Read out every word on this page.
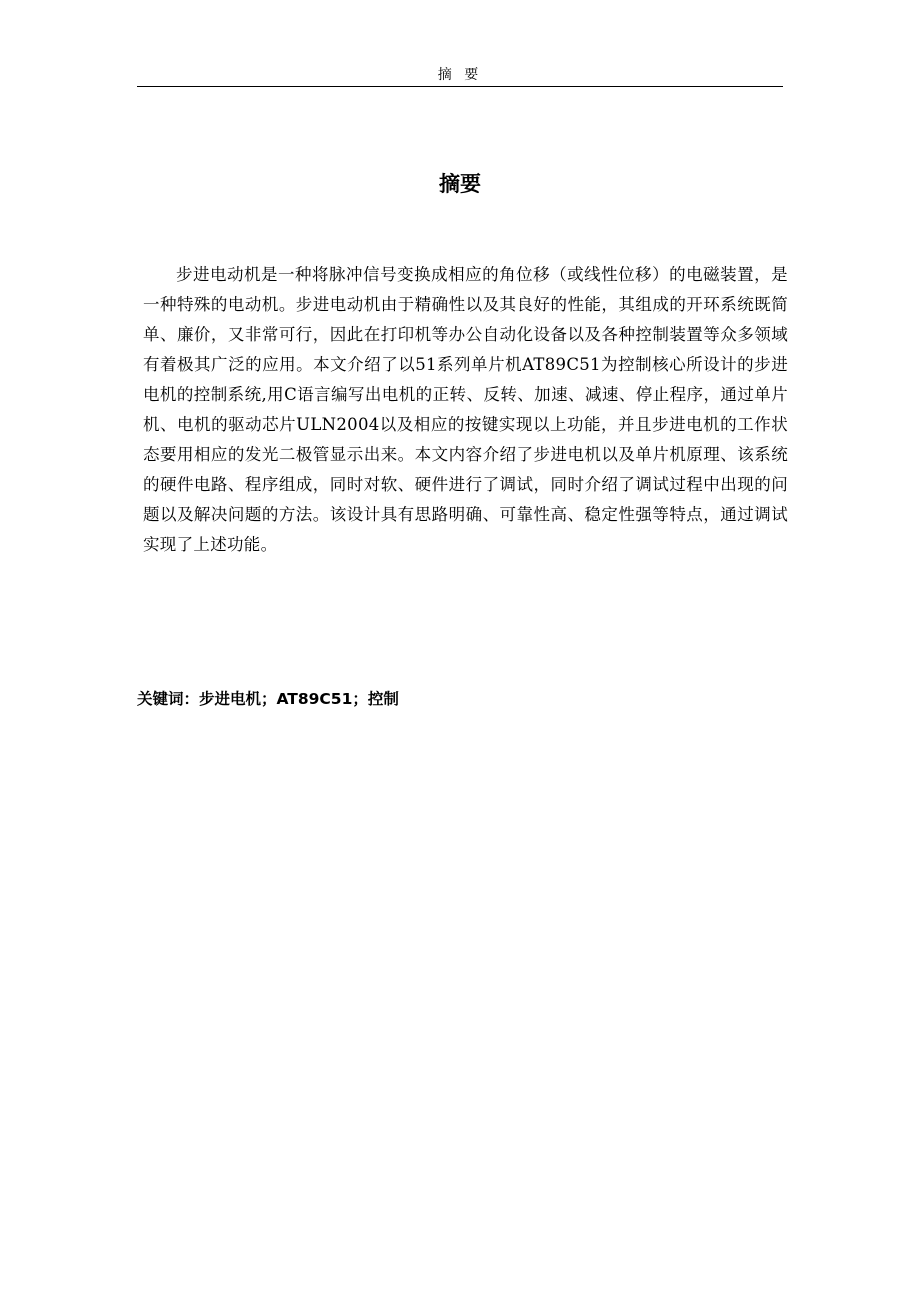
摘 要
摘要

步进电动机是一种将脉冲信号变换成相应的角位移（或线性位移）的电磁装置，是一种特殊的电动机。步进电动机由于精确性以及其良好的性能，其组成的开环系统既简单、廉价，又非常可行，因此在打印机等办公自动化设备以及各种控制装置等众多领域有着极其广泛的应用。本文介绍了以51系列单片机AT89C51为控制核心所设计的步进电机的控制系统,用C语言编写出电机的正转、反转、加速、减速、停止程序，通过单片机、电机的驱动芯片ULN2004以及相应的按键实现以上功能，并且步进电机的工作状态要用相应的发光二极管显示出来。本文内容介绍了步进电机以及单片机原理、该系统的硬件电路、程序组成，同时对软、硬件进行了调试，同时介绍了调试过程中出现的问题以及解决问题的方法。该设计具有思路明确、可靠性高、稳定性强等特点，通过调试实现了上述功能。

关键词：步进电机；AT89C51；控制
